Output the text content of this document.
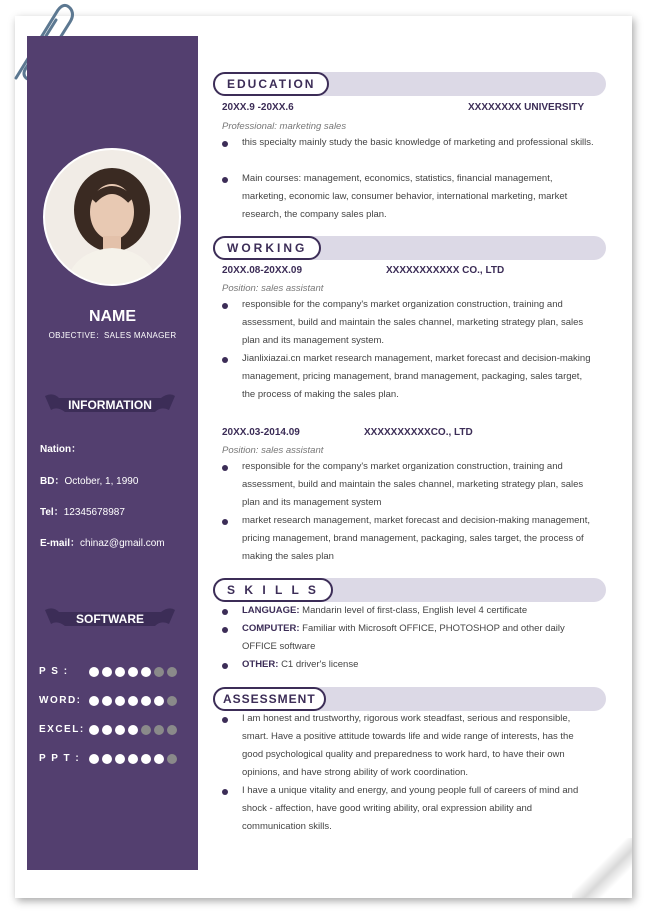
NAME
OBJECTIVE：SALES MANAGER
INFORMATION
Nation：
BD：October, 1, 1990
Tel：12345678987
E-mail：chinaz@gmail.com
SOFTWARE
P S :
WORD:
EXCEL:
P P T :
EDUCATION
20XX.9 -20XX.6	XXXXXXXX UNIVERSITY
Professional: marketing sales
this specialty mainly study the basic knowledge of marketing and professional skills.
Main courses: management, economics, statistics, financial management, marketing, economic law, consumer behavior, international marketing, market research, the company sales plan.
WORKING
20XX.08-20XX.09	XXXXXXXXXXX CO., LTD
Position: sales assistant
responsible for the company's market organization construction, training and assessment, build and maintain the sales channel, marketing strategy plan, sales plan and its management system.
Jianlixiazai.cn market research management, market forecast and decision-making management, pricing management, brand management, packaging, sales target, the process of making the sales plan.
20XX.03-2014.09	XXXXXXXXXXCO., LTD
Position: sales assistant
responsible for the company's market organization construction, training and assessment, build and maintain the sales channel, marketing strategy plan, sales plan and its management system
market research management, market forecast and decision-making management, pricing management, brand management, packaging, sales target, the process of making the sales plan
S K I L L S
LANGUAGE: Mandarin level of first-class, English level 4 certificate
COMPUTER: Familiar with Microsoft OFFICE, PHOTOSHOP and other daily OFFICE software
OTHER: C1 driver's license
ASSESSMENT
I am honest and trustworthy, rigorous work steadfast, serious and responsible, smart. Have a positive attitude towards life and wide range of interests, has the good psychological quality and preparedness to work hard, to have their own opinions, and have strong ability of work coordination.
I have a unique vitality and energy, and young people full of careers of mind and shock - affection, have good writing ability, oral expression ability and communication skills.
